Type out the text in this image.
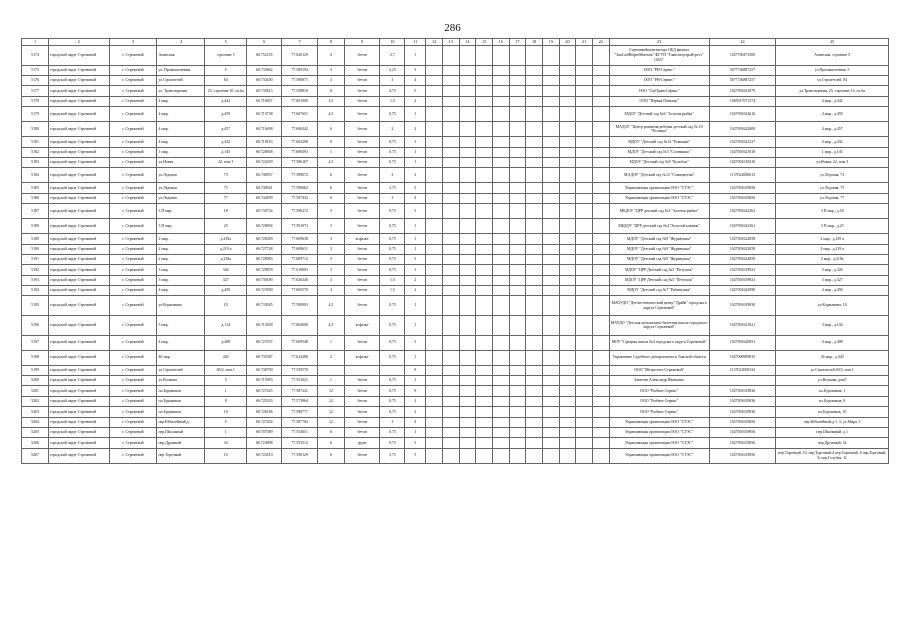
286
1	2	3	4	5	6	7	8	9	10	11	12	13	14	15	16	17	18	19	20	21	22	23	24	25
5174	городской округ Стрежевой	г. Стрежевой	Ачинская	строение 5	60.752118	77.620129	2	бетон	2,7	1												Стрежевоймонтажторг ОБД филиал "ЗапСибНефтеМонтаж" ФГУП "Главспецстройтрест" ОАО"	1027700471500	Ачинская, строение 5
5175	городской округ Стрежевой	г. Стрежевой	ул. Промышленная	5	60.733662	77.589194	3	бетон	2,25	3												ООО "РН-Сервис"	5077746887257	ул.Промышленная, 5
5176	городской округ Стрежевой	г. Стрежевой	ул.Строителей	84	60.734100	77.590871	3	бетон	3	4												ООО "РН-Сервис"	5077746887257	ул.Строителей, 84
5177	городской округ Стрежевой	г. Стрежевой	ул. Транспортная	25, строение 10, сп.6а	60.735615	77.558819	11	бетон	4,75	5												ООО "СибТрансСервис"	1027001631979	ул.Транспортная, 25, строение 10, сп.6а
5178	городской округ Стрежевой	г. Стрежевой	4 мкр.	д.442	60.716837	77.601900	3,5	бетон	1,5	2												ООО "Первая Помощь"	1065017071574	4 мкр., д.442
5179	городской округ Стрежевой	г. Стрежевой	4 мкр.	д.459	60.715738	77.607651	4,5	бетон	0,75	1												МДОУ "Детский сад №6 "Золотая рыбка"	1027001622616	4 мкр., д.459
5180	городской округ Стрежевой	г. Стрежевой	4 мкр.	д.457	60.716498	77.606342	6	бетон	2	2												МАДОУ "Центр развития ребенка детский сад № 10 "Росинка"	1027001622809	4 мкр., д.457
5181	городской округ Стрежевой	г. Стрежевой	4 мкр.	д.432	60.718163	77.602298	6	бетон	0,75	1												МДОУ "Детский сад №14 "Ромашка"	1027001622327	4 мкр., д.432
5182	городской округ Стрежевой	г. Стрежевой	1 мкр.	д.145	60.728048	77.608393	1	бетон	0,75	1												МДОУ "Детский сад №3 "Солнышко"	1027001621018	1 мкр., д.145
5183	городской округ Стрежевой	г. Стрежевой	ул.Новая	22, пом 3	60.722439	77.586107	4,5	бетон	0,75	1												МДОУ "Детский сад №9 "Колобок"	1027001619410	ул.Новая, 22, пом 3
5184	городской округ Стрежевой	г. Стрежевой	ул.Ледовая	73	60.740937	77.589072	6	бетон	2	2												МАДОУ "Детский сад №12 "Семицветик"	1137022000613	ул.Ледовая, 73
5185	городской округ Стрежевой	г. Стрежевой	ул.Ледовая	75	60.740941	77.590662	6	бетон	3,75	5												Управляющая организация ООО "СТЭС"	1027001619856	ул.Ледовая, 75
5186	городской округ Стрежевой	г. Стрежевой	ул.Ледовая	77	60.744599	77.597432	6	бетон	3	4												Управляющая организация ООО "СТЭС"	1027001619856	ул.Ледовая, 77
5187	городской округ Стрежевой	г. Стрежевой	3 П мкр.	18	60.730734	77.596272	3	бетон	0,75	1												МБДОУ "ЦРР детский сад №3 "Золотая рыбка"	1027001622363	3 П мкр., д.18
5188	городской округ Стрежевой	г. Стрежевой	3 П мкр.	25	60.728094	77.591073	3	бетон	0,75	1												МБДОУ "ЦРР детский сад №4 "Золотой ключик"	1027001622361	3 П мкр., д.25
5189	городской округ Стрежевой	г. Стрежевой	2 мкр.	д.239а	60.726309	77.609038	3	асфальт	0,75	1												МДОУ "Детский сад №9 "Журавушка"	1027001622858	2 мкр., д.239 а
5190	городской округ Стрежевой	г. Стрежевой	2 мкр.	д.219 а	60.727728	77.609631	3	бетон	0,75	1												МДОУ "Детский сад №9 "Журавушка"	1027001622858	2 мкр., д.219 а
5191	городской округ Стрежевой	г. Стрежевой	2 мкр.	д.218а	60.728083	77.609712	3	бетон	0,75	1												МДОУ "Детский сад №9 "Журавушка"	1027001622858	2 мкр., д.218а
5192	городской округ Стрежевой	г. Стрежевой	3 мкр.	326	60.729878	77.619003	3	бетон	0,75	1												МДОУ "ЦРР Детский сад №5 "Петушок"	1027001619921	3 мкр., д.326
5193	городской округ Стрежевой	г. Стрежевой	3 мкр.	327	60.730190	77.620340	3	бетон	1,5	2												МДОУ "ЦРР Детский сад №5 "Петушок"	1027001619921	3 мкр., д.327
5194	городской округ Стрежевой	г. Стрежевой	4 мкр.	д.450	60.723590	77.605570	4	бетон	1,5	2												МДОУ "Детский сад №7 "Рябинушка"	1027001622090	4 мкр., д.450
5195	городской округ Стрежевой	г. Стрежевой	ул.Коржавина	10	60.733045	77.590903	4,5	бетон	0,75	1												МАОУДО "Детско-юношеский центр "Драйв" городского округа Стрежевой"	1027001619930	ул.Коржавина, 10
5196	городской округ Стрежевой	г. Стрежевой	3 мкр.	д.114	60.713028	77.604008	4,5	асфальт	0,75	1												МАУДО "Детская музыкально-балетная школа городского округа Стрежевой"	1027001621921	3 мкр., д.104
5197	городской округ Стрежевой	г. Стрежевой	4 мкр.	д.408	60.723767	77.609548	1	бетон	0,75	1												МОУ "Средняя школа №4 городского округа Стрежевой"	1027001620851	4 мкр., д.408
5198	городской округ Стрежевой	г. Стрежевой	4б мкр.	420	60.735387	77.612286	2	асфальт	0,75	1												Управление Судебного департамента в Томской области	1027000909035	4б мкр., д.420
5199	городской округ Стрежевой	г. Стрежевой	ул.Строителей	69/2, пом.1	60.736790	77.559570				8												ООО "Метролота-Стрежевой"	1137022000334	ул.Строителей 69/2, пом.1
5200	городской округ Стрежевой	г. Стрежевой	ул.Волкова	5	60.715903	77.551621	1	бетон	0,75	1												Заметин Александр Иванович		ул.Волкова, дом5
5201	городской округ Стрежевой	г. Стрежевой	пл.Буровиков	1	60.727425	77.587241	12	бетон	0,75	8												ООО "Рыбное Сервис"	1027001619836	пл.Буровиков, 1
5202	городской округ Стрежевой	г. Стрежевой	пл.Буровиков	8	60.725333	77.573964	12	бетон	0,75	2												ООО "Рыбное Сервис"	1027001619836	пл.Буровиков, 8
5203	городской округ Стрежевой	г. Стрежевой	пл.Буровиков	10	60.726186	77.598777	12	бетон	0,75	2												ООО "Рыбное Сервис"	1027001619836	пл.Буровиков, 10
5204	городской округ Стрежевой	г. Стрежевой	пер.Юбилейный,д.	5	60.727454	77.587784	12	бетон	3	4												Управляющая организация ООО "СТЭС"	1027001619856	пер.Юбилейный,д.1, 3, ул.Мира, 5
5205	городской округ Стрежевой	г. Стрежевой	пер.Школьный	1	60.707389	77.553651	6	бетон	0,75	1												Управляющая организация ООО "СТЭС"	1027001619856	пер.Школьный, д.1
5206	городской округ Стрежевой	г. Стрежевой	пер.Дружный	34	60.724998	77.553512	6	грунт	0,75	1												Управляющая организация ООО "СТЭС"	1027001619856	пер.Дружный, 34
5207	городской округ Стрежевой	г. Стрежевой	пер.Торговый	10	60.724510	77.590129	6	бетон	3,75	5												Управляющая организация ООО "СТЭС"	1027001619856	пер.Торговый, 10, пер.Торговый,4 пер.Торговый, 6 пер.Торговый, 8, пер.Голубая, 11
